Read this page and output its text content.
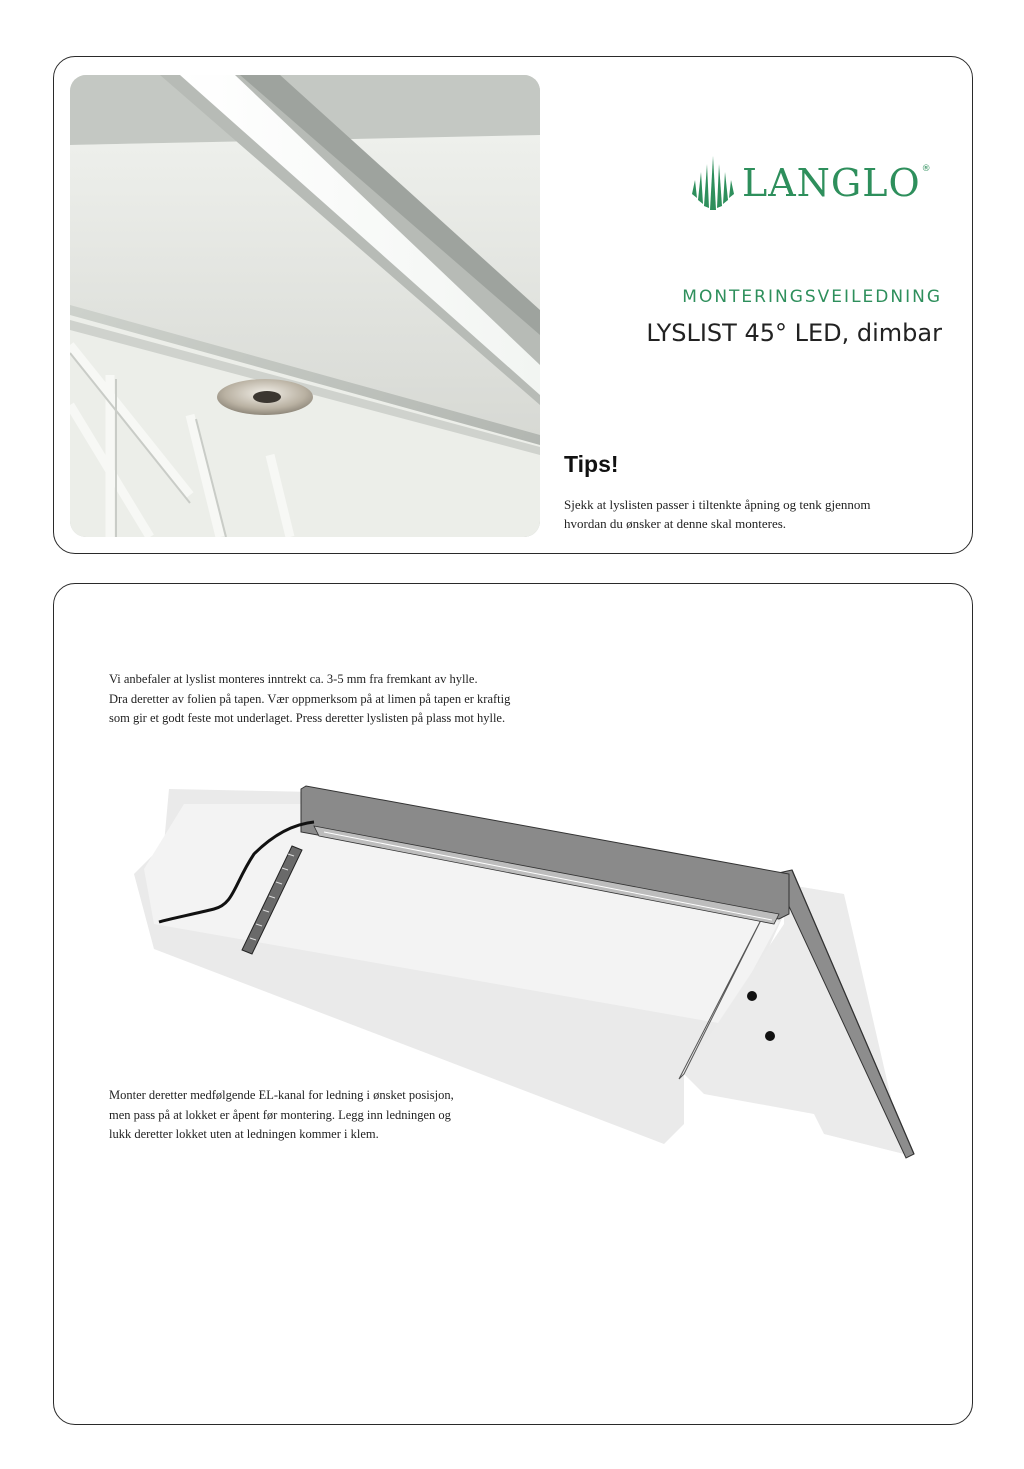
LANGLO ®
MONTERINGSVEILEDNING
LYSLIST 45° LED, dimbar
Tips!
Sjekk at lyslisten passer i tiltenkte åpning og tenk gjennom
hvordan du ønsker at denne skal monteres.
Vi anbefaler at lyslist monteres inntrekt ca. 3-5 mm fra fremkant av hylle.
Dra deretter av folien på tapen. Vær oppmerksom på at limen på tapen er kraftig
som gir et godt feste mot underlaget. Press deretter lyslisten på plass mot hylle.
Monter deretter medfølgende EL-kanal for ledning i ønsket posisjon,
men pass på at lokket er åpent før montering. Legg inn ledningen og
lukk deretter lokket uten at ledningen kommer i klem.
